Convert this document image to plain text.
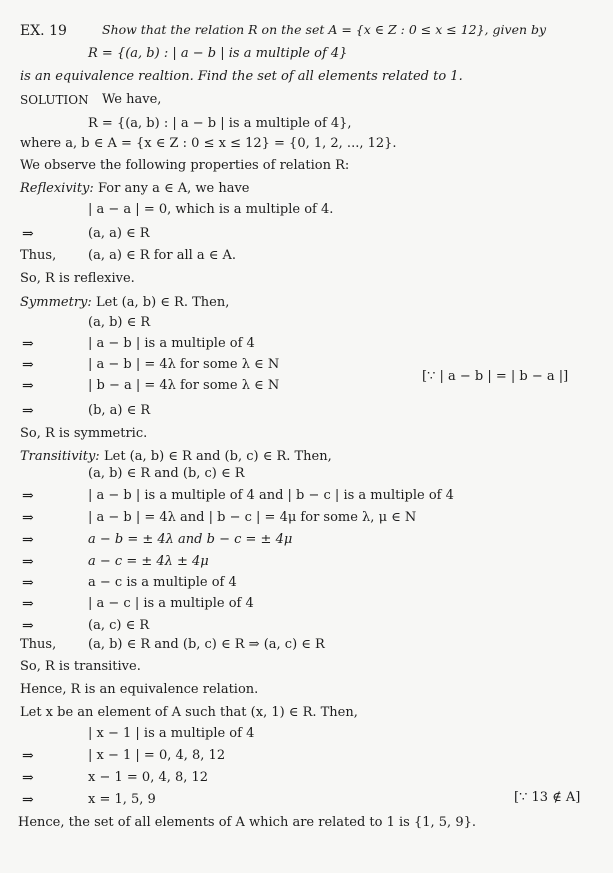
EX. 19	Show that the relation R on the set A = {x ∈ Z : 0 ≤ x ≤ 12}, given by
R = {(a, b) : | a − b | is a multiple of 4}
is an equivalence realtion. Find the set of all elements related to 1.
SOLUTION We have,
R = {(a, b) : | a − b | is a multiple of 4},
where a, b ∈ A = {x ∈ Z : 0 ≤ x ≤ 12} = {0, 1, 2, ..., 12}.
We observe the following properties of relation R:
Reflexivity: For any a ∈ A, we have
| a − a | = 0, which is a multiple of 4.
⇒	(a, a) ∈ R
Thus, (a, a) ∈ R for all a ∈ A.
So, R is reflexive.
Symmetry: Let (a, b) ∈ R. Then,
(a, b) ∈ R
⇒	| a − b | is a multiple of 4
⇒	| a − b | = 4λ for some λ ∈ N
⇒	| b − a | = 4λ for some λ ∈ N
[∵ | a − b | = | b − a |]
⇒	(b, a) ∈ R
So, R is symmetric.
Transitivity: Let (a, b) ∈ R and (b, c) ∈ R. Then,
(a, b) ∈ R and (b, c) ∈ R
⇒	| a − b | is a multiple of 4 and | b − c | is a multiple of 4
⇒	| a − b | = 4λ and | b − c | = 4μ for some λ, μ ∈ N
⇒	a − b = ± 4λ and b − c = ± 4μ
⇒	a − c = ± 4λ ± 4μ
⇒	a − c is a multiple of 4
⇒	| a − c | is a multiple of 4
⇒	(a, c) ∈ R
Thus, (a, b) ∈ R and (b, c) ∈ R ⇒ (a, c) ∈ R
So, R is transitive.
Hence, R is an equivalence relation.
Let x be an element of A such that (x, 1) ∈ R. Then,
| x − 1 | is a multiple of 4
⇒	| x − 1 | = 0, 4, 8, 12
⇒	x − 1 = 0, 4, 8, 12
⇒	x = 1, 5, 9	[∵ 13 ∉ A]
Hence, the set of all elements of A which are related to 1 is {1, 5, 9}.
